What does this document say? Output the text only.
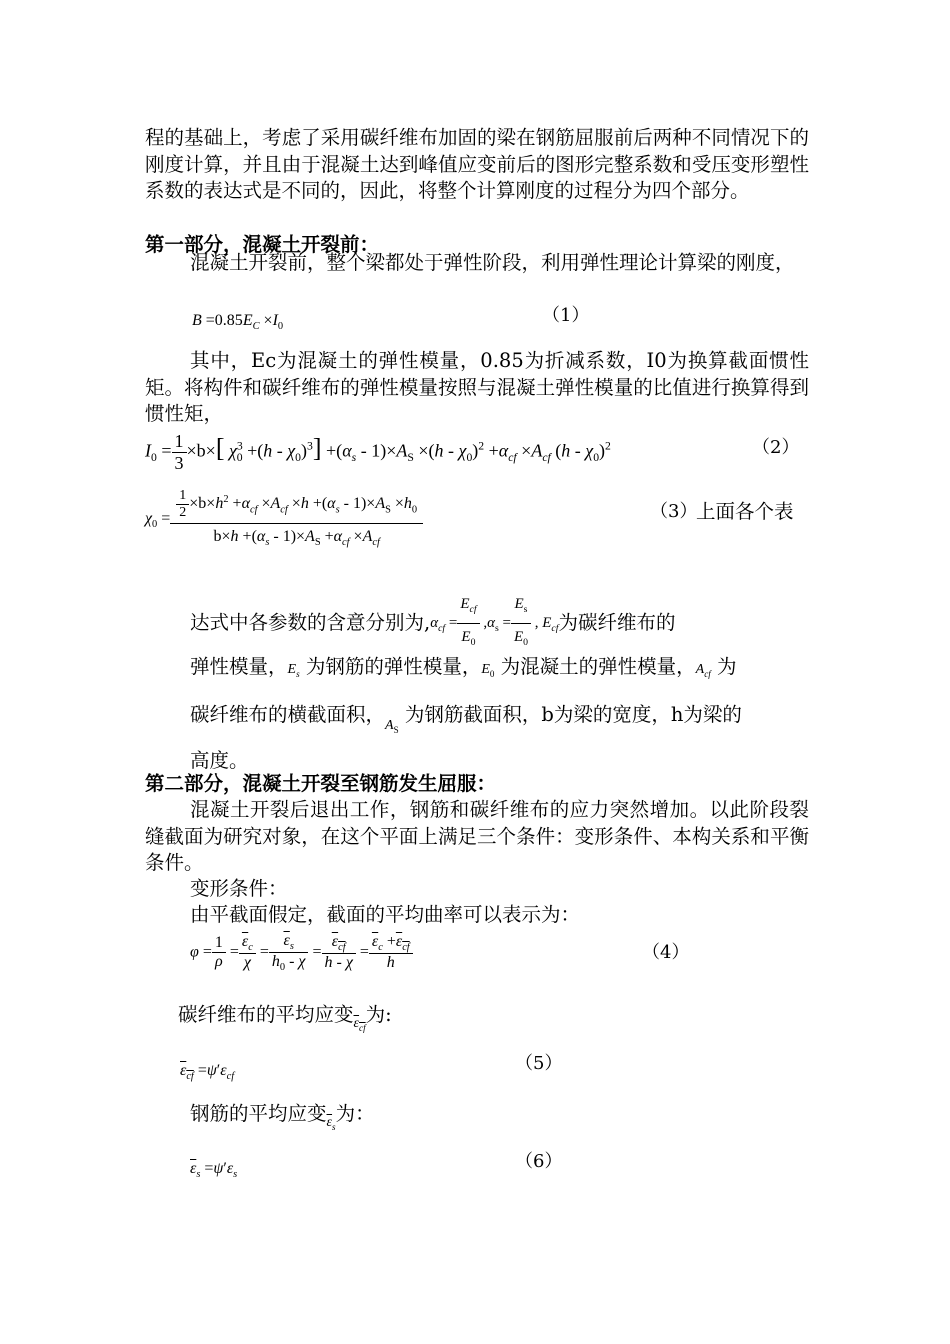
程的基础上，考虑了采用碳纤维布加固的梁在钢筋屈服前后两种不同情况下的刚度计算，并且由于混凝土达到峰值应变前后的图形完整系数和受压变形塑性系数的表达式是不同的，因此，将整个计算刚度的过程分为四个部分。
第一部分，混凝土开裂前：
混凝土开裂前，整个梁都处于弹性阶段，利用弹性理论计算梁的刚度，
$B =0.85E_C \times I_0$
（1）
其中，Ec为混凝土的弹性模量，0.85为折减系数，I0为换算截面惯性矩。将构件和碳纤维布的弹性模量按照与混凝土弹性模量的比值进行换算得到惯性矩，
$I_0 = \frac{1}{3} \times b\times$[ $\chi^3_0 +(h - \chi_0)^3] +(\alpha_s - 1)\times A_S \times(h - \chi_0)^2 +\alpha_{cf} \times A_{cf}$ $(h - \chi_0)^2$	（2）
$\chi_0 = \frac{\frac{1}{2} \times b\times h^2 +\alpha_{cf} \times A_{cf} \times h +(\alpha_s - 1)\times A_S \times h_0}{b\times h +(\alpha_s - 1)\times A_S +\alpha_{cf} \times A_{cf}}$	（3）
上面各个表
达式中各参数的含意分别为$,\alpha_{cf} = \frac{E_{cf}}{E_0} ,\alpha_s = \frac{E_s}{E_0}$ , $E_{cf}$为碳纤维布的
弹性模量，$E_s$ 为钢筋的弹性模量，$E_0$ 为混凝土的弹性模量，$A_{cf}$ 为
碳纤维布的横截面积，$_{A_S}$ 为钢筋截面积，b为梁的宽度，h为梁的
高度。
第二部分，混凝土开裂至钢筋发生屈服：
混凝土开裂后退出工作，钢筋和碳纤维布的应力突然增加。以此阶段裂缝截面为研究对象，在这个平面上满足三个条件：变形条件、本构关系和平衡条件。
变形条件：
由平截面假定，截面的平均曲率可以表示为：
$\varphi = \frac{1}{\rho} = \frac{\overline{\varepsilon}_c}{\chi} = \frac{\overline{\varepsilon}_s}{h_0 - \chi} = \frac{\varepsilon_{cf}}{h - \chi} = \frac{\overline{\varepsilon}_c +\varepsilon_{cf}}{h}$	（4）
碳纤维布的平均应变$_{\varepsilon_{cf}}$为:
$\varepsilon_{cf} =\psi'\varepsilon_{cf}$
（5）
钢筋的平均应变$_{\overline{\varepsilon}_s}$为：
$\overline{\varepsilon}_s =\psi'\varepsilon_s$
（6）
